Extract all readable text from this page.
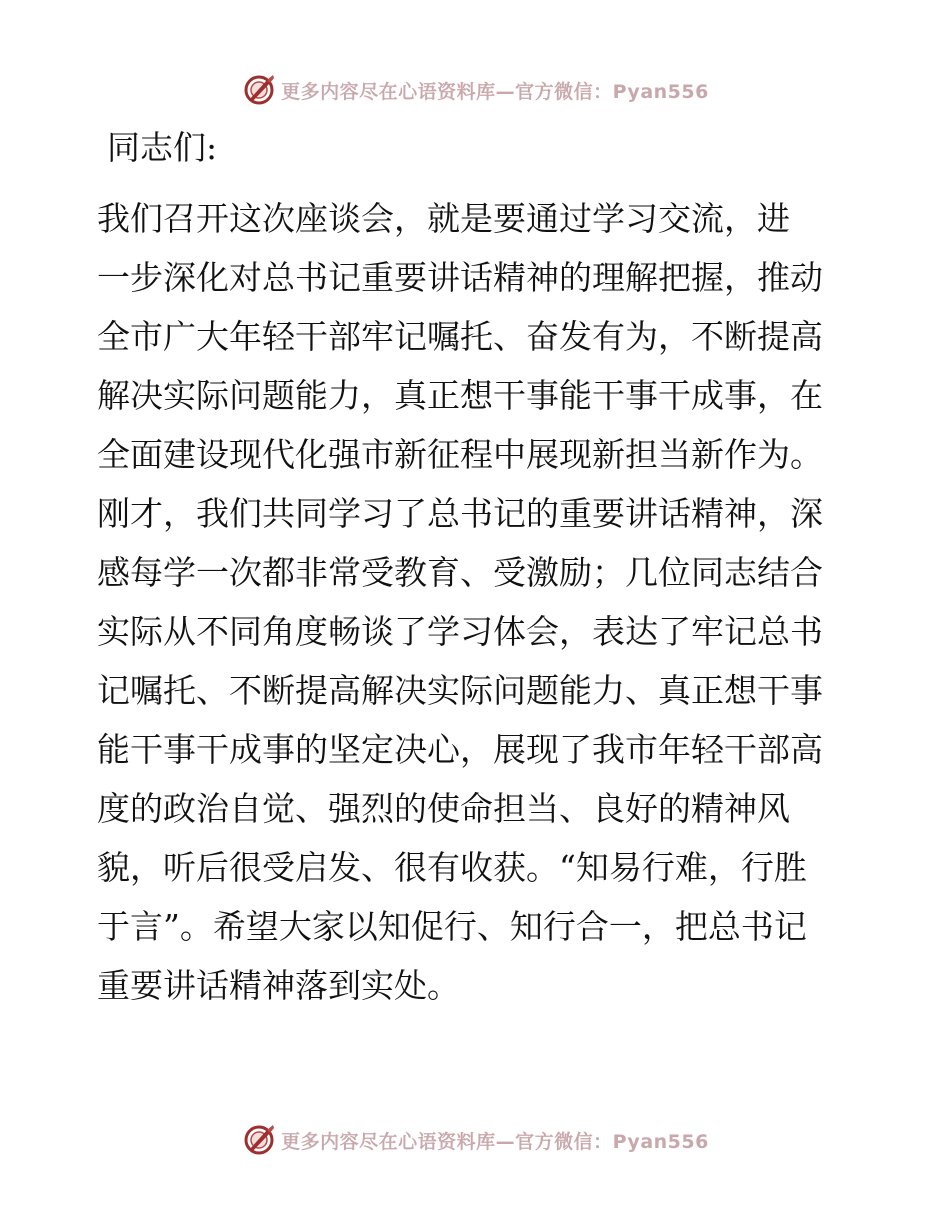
更多内容尽在心语资料库—官方微信：Pyan556
同志们:
我们召开这次座谈会，就是要通过学习交流，进
一步深化对总书记重要讲话精神的理解把握，推动
全市广大年轻干部牢记嘱托、奋发有为，不断提高
解决实际问题能力，真正想干事能干事干成事，在
全面建设现代化强市新征程中展现新担当新作为。
刚才，我们共同学习了总书记的重要讲话精神，深
感每学一次都非常受教育、受激励；几位同志结合
实际从不同角度畅谈了学习体会，表达了牢记总书
记嘱托、不断提高解决实际问题能力、真正想干事
能干事干成事的坚定决心，展现了我市年轻干部高
度的政治自觉、强烈的使命担当、良好的精神风
貌，听后很受启发、很有收获。“知易行难，行胜
于言”。希望大家以知促行、知行合一，把总书记
重要讲话精神落到实处。
更多内容尽在心语资料库—官方微信：Pyan556
